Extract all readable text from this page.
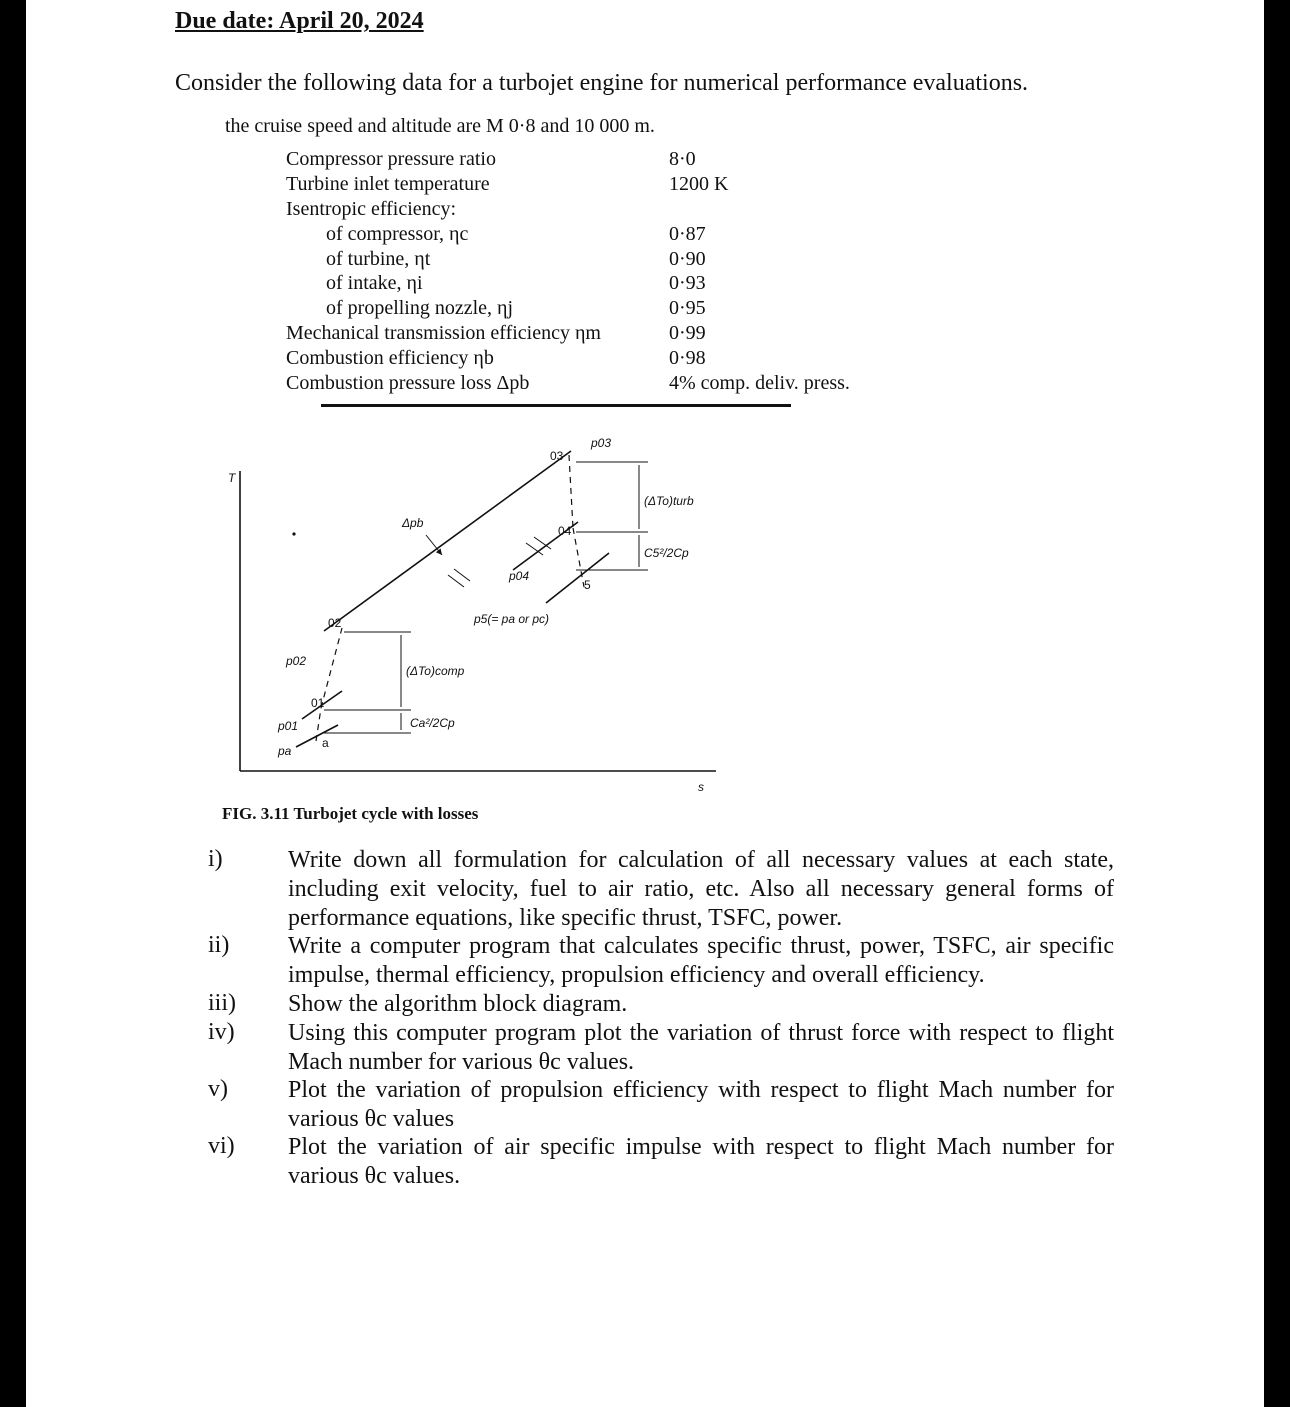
Due date: April 20, 2024
Consider the following data for a turbojet engine for numerical performance evaluations.
the cruise speed and altitude are M 0·8 and 10 000 m.
Compressor pressure ratio	8·0
Turbine inlet temperature	1200 K
Isentropic efficiency:
of compressor, ηc	0·87
of turbine, ηt	0·90
of intake, ηi	0·93
of propelling nozzle, ηj	0·95
Mechanical transmission efficiency ηm	0·99
Combustion efficiency ηb	0·98
Combustion pressure loss Δpb	4% comp. deliv. press.
T
s
p03
03
04
p04
Δpb
(ΔTo)turb
C5²/2Cp
5
p5(= pa or pc)
02
p02
(ΔTo)comp
01
p01	Ca²/2Cp
a
pa
FIG. 3.11 Turbojet cycle with losses
i)	Write down all formulation for calculation of all necessary values at each state, including exit velocity, fuel to air ratio, etc. Also all necessary general forms of performance equations, like specific thrust, TSFC, power.
ii) Write a computer program that calculates specific thrust, power, TSFC, air specific impulse, thermal efficiency, propulsion efficiency and overall efficiency.
iii) Show the algorithm block diagram.
iv) Using this computer program plot the variation of thrust force with respect to flight Mach number for various θc values.
v)	Plot the variation of propulsion efficiency with respect to flight Mach number for various θc values
vi) Plot the variation of air specific impulse with respect to flight Mach number for various θc values.
